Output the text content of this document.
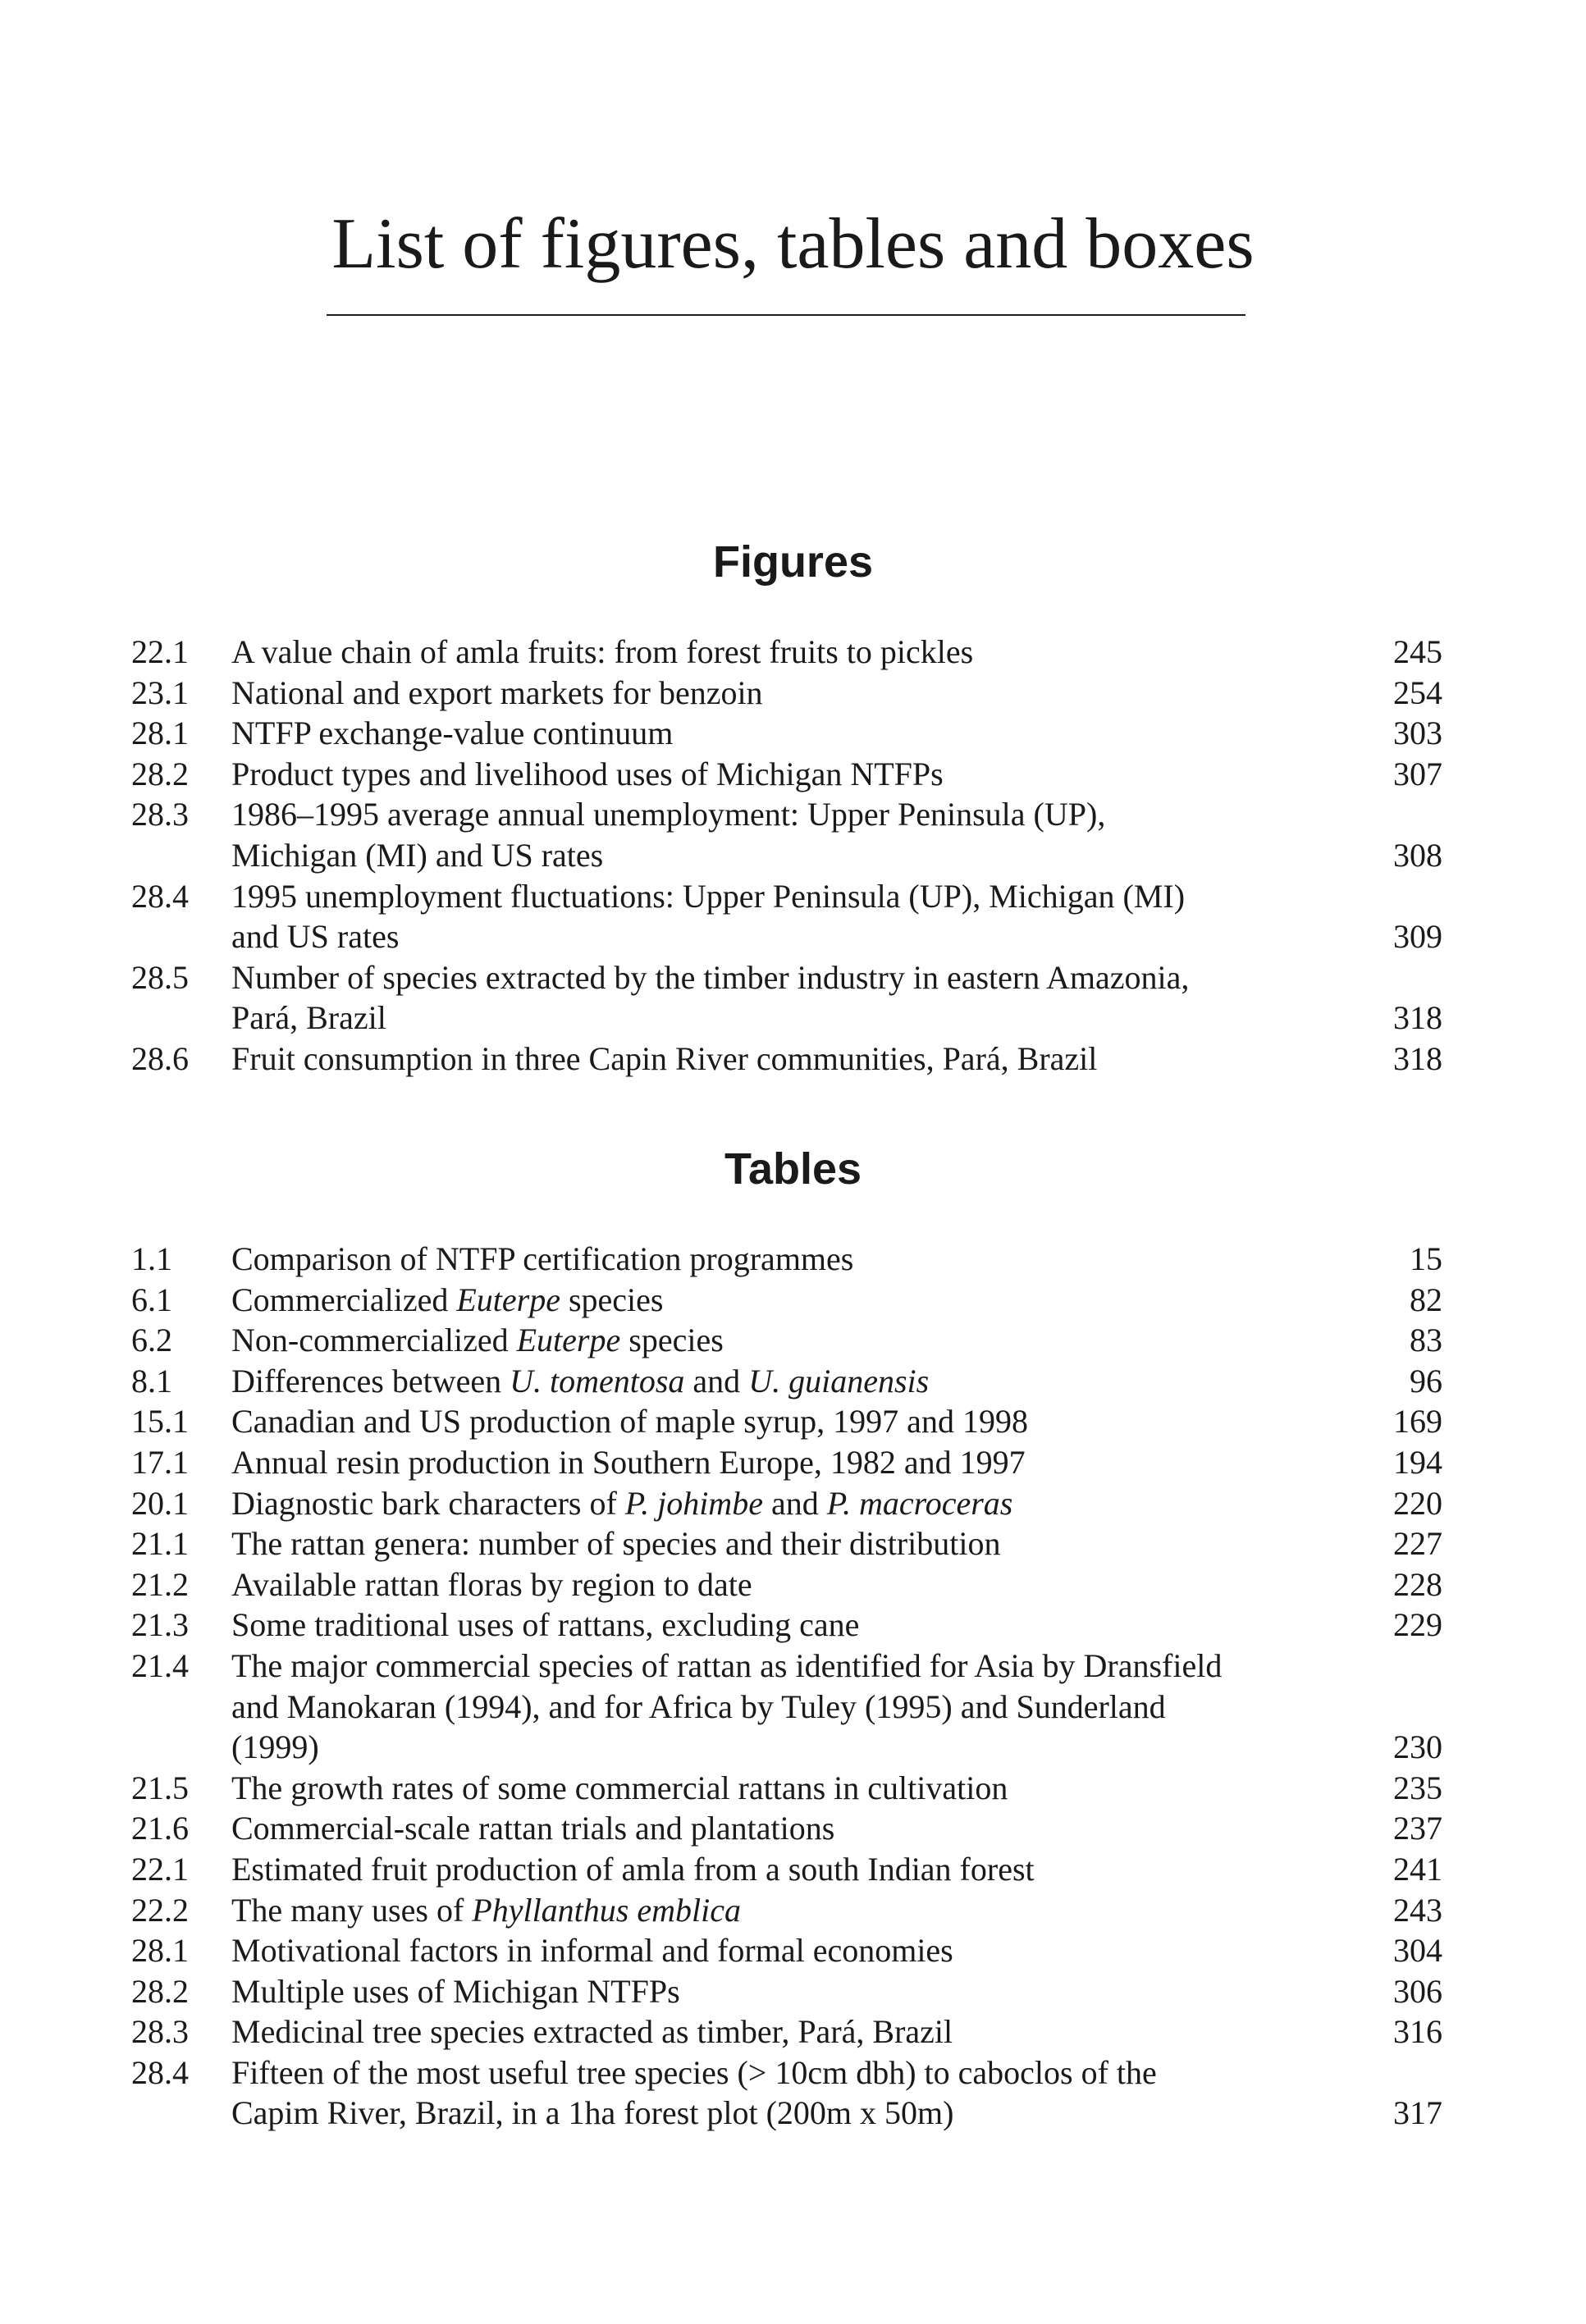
List of figures, tables and boxes
Figures
22.1	A value chain of amla fruits: from forest fruits to pickles	245
23.1	National and export markets for benzoin	254
28.1	NTFP exchange-value continuum	303
28.2	Product types and livelihood uses of Michigan NTFPs	307
28.3	1986–1995 average annual unemployment: Upper Peninsula (UP),
Michigan (MI) and US rates	308
28.4	1995 unemployment fluctuations: Upper Peninsula (UP), Michigan (MI)
and US rates	309
28.5	Number of species extracted by the timber industry in eastern Amazonia,
Pará, Brazil	318
28.6	Fruit consumption in three Capin River communities, Pará, Brazil	318
Tables
1.1	Comparison of NTFP certification programmes	15
6.1	Commercialized Euterpe species	82
6.2	Non-commercialized Euterpe species	83
8.1	Differences between U. tomentosa and U. guianensis	96
15.1	Canadian and US production of maple syrup, 1997 and 1998	169
17.1	Annual resin production in Southern Europe, 1982 and 1997	194
20.1	Diagnostic bark characters of P. johimbe and P. macroceras	220
21.1	The rattan genera: number of species and their distribution	227
21.2	Available rattan floras by region to date	228
21.3	Some traditional uses of rattans, excluding cane	229
21.4	The major commercial species of rattan as identified for Asia by Dransfield
and Manokaran (1994), and for Africa by Tuley (1995) and Sunderland
(1999)	230
21.5	The growth rates of some commercial rattans in cultivation	235
21.6	Commercial-scale rattan trials and plantations	237
22.1	Estimated fruit production of amla from a south Indian forest	241
22.2	The many uses of Phyllanthus emblica	243
28.1	Motivational factors in informal and formal economies	304
28.2	Multiple uses of Michigan NTFPs	306
28.3	Medicinal tree species extracted as timber, Pará, Brazil	316
28.4	Fifteen of the most useful tree species (> 10cm dbh) to caboclos of the
Capim River, Brazil, in a 1ha forest plot (200m x 50m)	317
